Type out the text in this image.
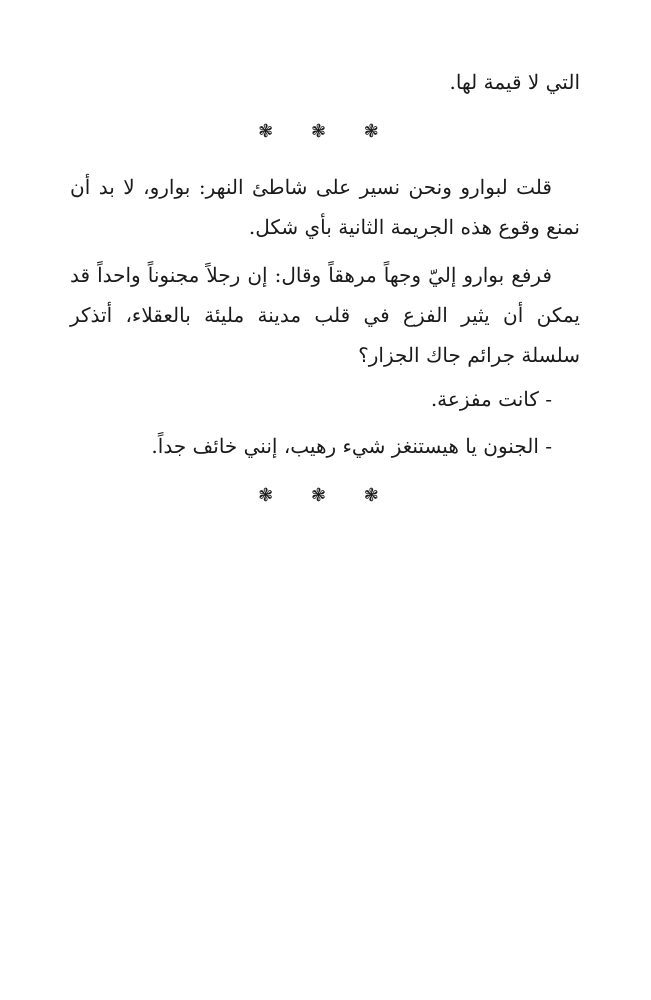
التي لا قيمة لها.

❃ ❃ ❃

قلت لبوارو ونحن نسير على شاطئ النهر: بوارو، لا بد أن نمنع وقوع هذه الجريمة الثانية بأي شكل.

فرفع بوارو إليّ وجهاً مرهقاً وقال: إن رجلاً مجنوناً واحداً قد يمكن أن يثير الفزع في قلب مدينة مليئة بالعقلاء، أتذكر سلسلة جرائم جاك الجزار؟

- كانت مفزعة.

- الجنون يا هيستنغز شيء رهيب، إنني خائف جداً.

❃ ❃ ❃
